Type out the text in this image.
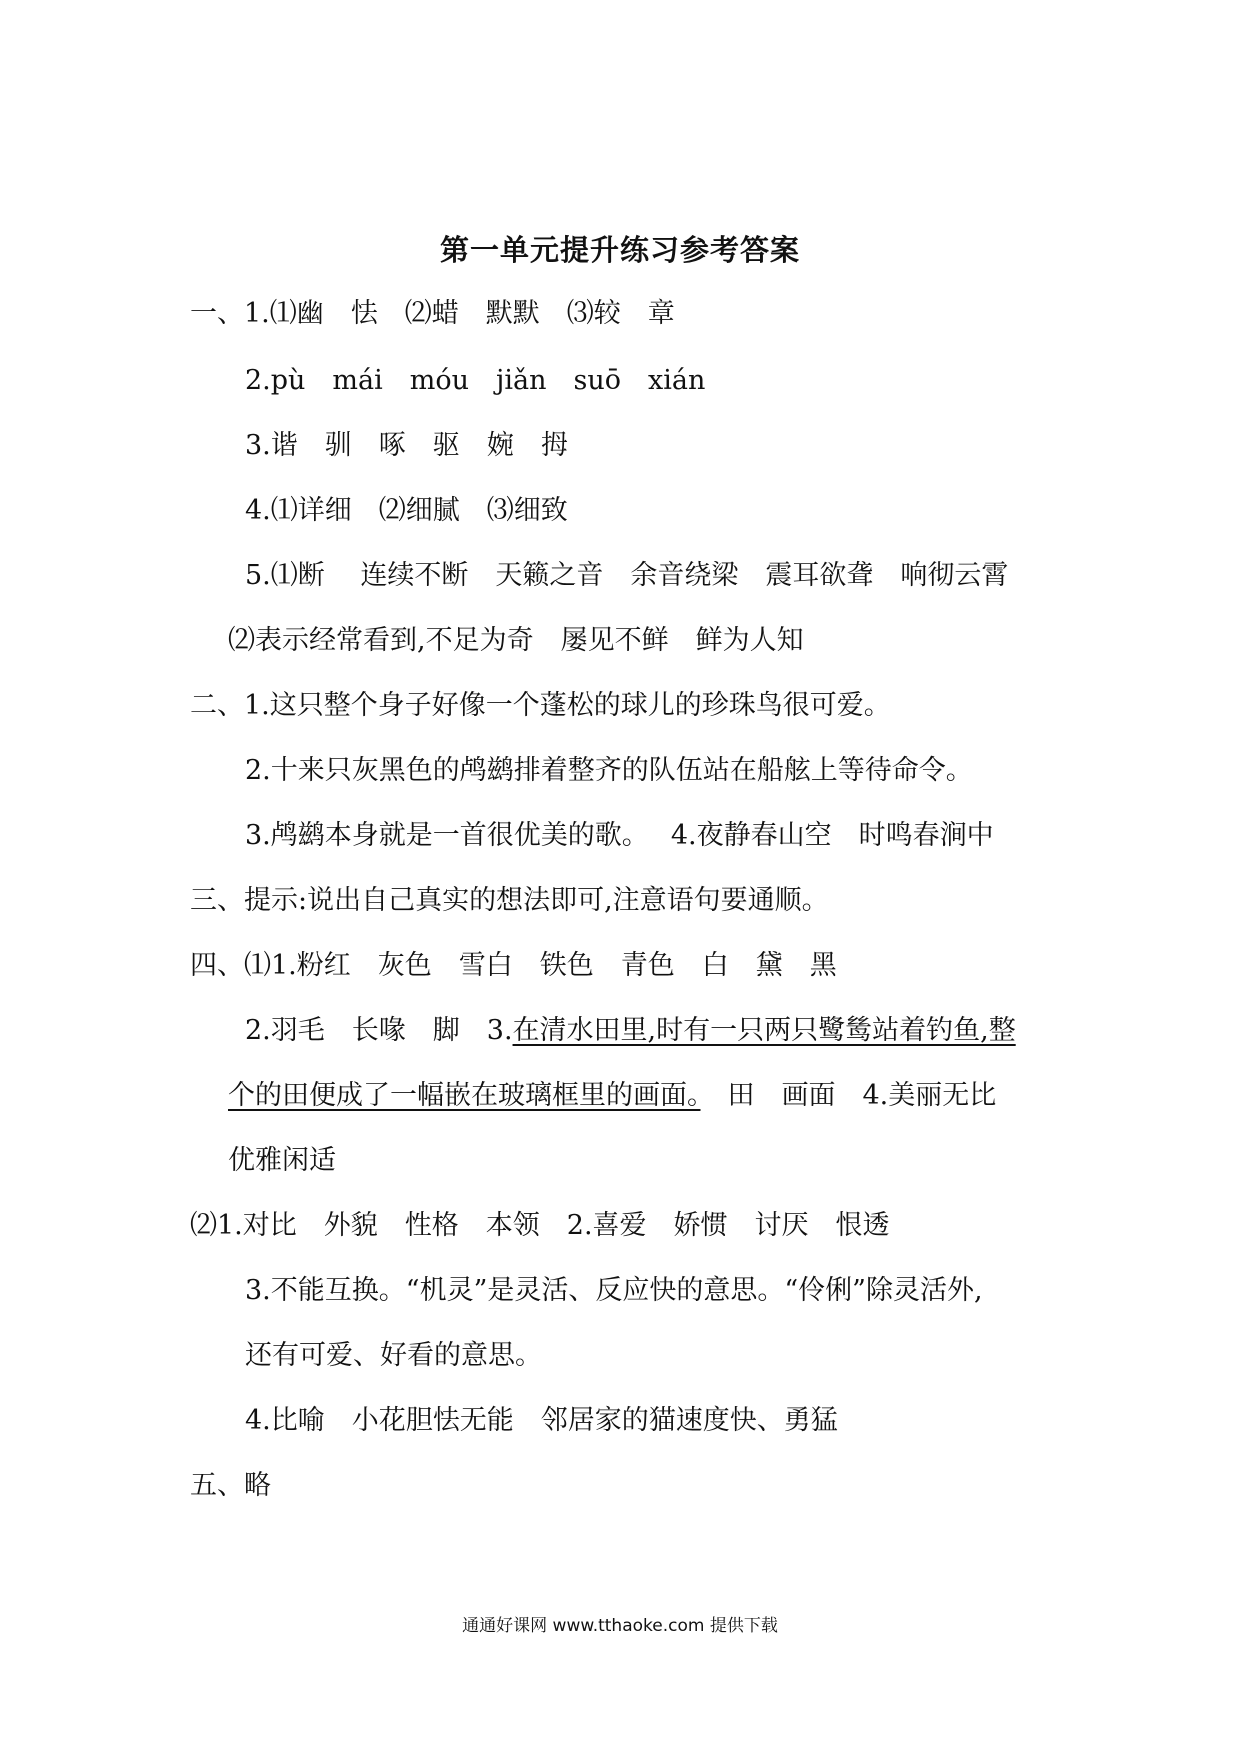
第一单元提升练习参考答案
一、1.⑴幽　怯　⑵蜡　默默　⑶较　章
2.pù　mái　móu　jiǎn　suō　xián
3.谐　驯　啄　驱　婉　拇
4.⑴详细　⑵细腻　⑶细致
5.⑴断　 连续不断　天籁之音　余音绕梁　震耳欲聋　响彻云霄
⑵表示经常看到,不足为奇　屡见不鲜　鲜为人知
二、1.这只整个身子好像一个蓬松的球儿的珍珠鸟很可爱。
2.十来只灰黑色的鸬鹚排着整齐的队伍站在船舷上等待命令。
3.鸬鹚本身就是一首很优美的歌。　 4.夜静春山空　时鸣春涧中
三、提示:说出自己真实的想法即可,注意语句要通顺。
四、⑴1.粉红　灰色　雪白　铁色　青色　白　黛　黑
2.羽毛　长喙　脚　3.在清水田里,时有一只两只鹭鸶站着钓鱼,整
个的田便成了一幅嵌在玻璃框里的画面。　田　画面　4.美丽无比
优雅闲适
⑵1.对比　外貌　性格　本领　2.喜爱　娇惯　讨厌　恨透
3.不能互换。“机灵”是灵活、反应快的意思。“伶俐”除灵活外,
还有可爱、好看的意思。
4.比喻　小花胆怯无能　邻居家的猫速度快、勇猛
五、略
通通好课网 www.tthaoke.com 提供下载
